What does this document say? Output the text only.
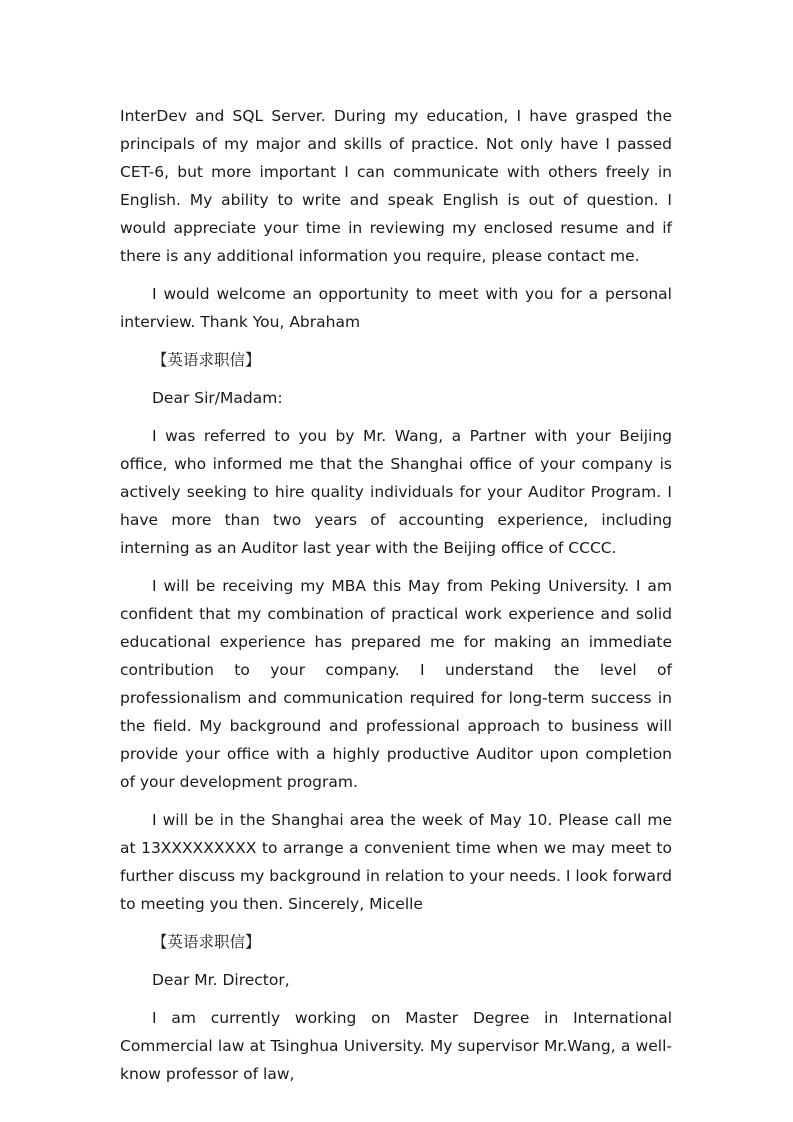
InterDev and SQL Server. During my education, I have grasped the principals of my major and skills of practice. Not only have I passed CET-6, but more important I can communicate with others freely in English. My ability to write and speak English is out of question. I would appreciate your time in reviewing my enclosed resume and if there is any additional information you require, please contact me.

I would welcome an opportunity to meet with you for a personal interview. Thank You, Abraham

【英语求职信】

Dear Sir/Madam:

I was referred to you by Mr. Wang, a Partner with your Beijing office, who informed me that the Shanghai office of your company is actively seeking to hire quality individuals for your Auditor Program. I have more than two years of accounting experience, including interning as an Auditor last year with the Beijing office of CCCC.

I will be receiving my MBA this May from Peking University. I am confident that my combination of practical work experience and solid educational experience has prepared me for making an immediate contribution to your company. I understand the level of professionalism and communication required for long-term success in the field. My background and professional approach to business will provide your office with a highly productive Auditor upon completion of your development program.

I will be in the Shanghai area the week of May 10. Please call me at 13XXXXXXXXX to arrange a convenient time when we may meet to further discuss my background in relation to your needs. I look forward to meeting you then. Sincerely, Micelle

【英语求职信】

Dear Mr. Director,

I am currently working on Master Degree in International Commercial law at Tsinghua University. My supervisor Mr.Wang, a well-know professor of law,
